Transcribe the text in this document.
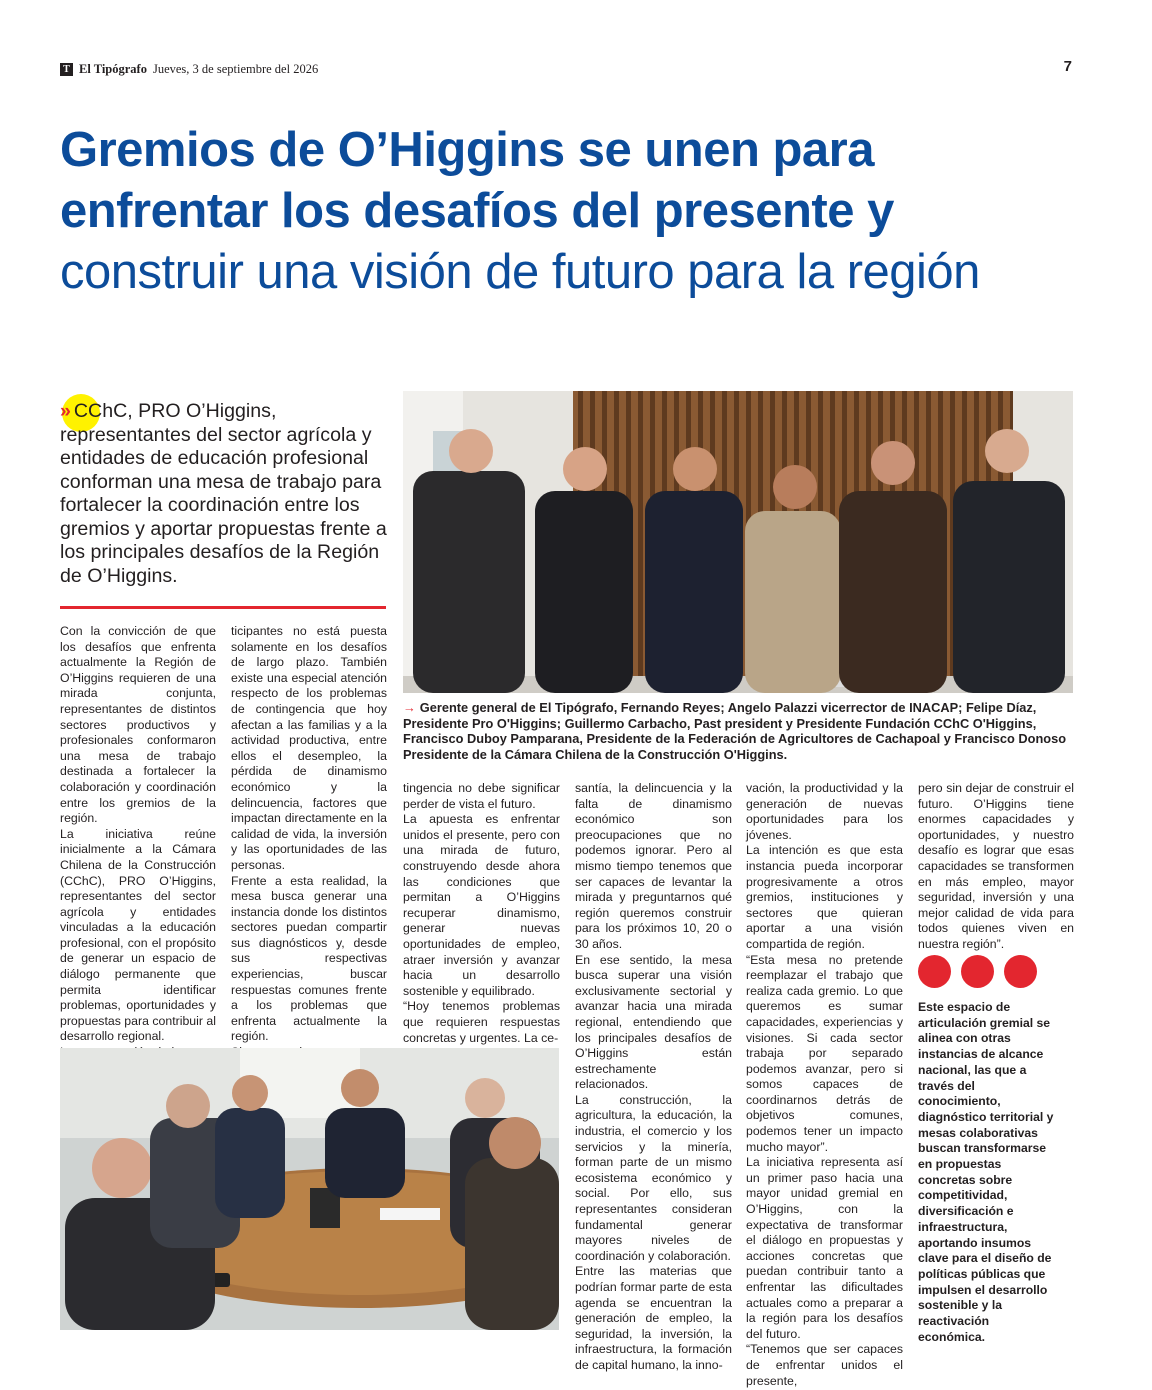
T El Tipógrafo Jueves, 3 de septiembre del 2026	7
Gremios de O’Higgins se unen para
enfrentar los desafíos del presente y
construir una visión de futuro para la región
» CChC, PRO O’Higgins, representantes del sector agrícola y entidades de educación profesional conforman una mesa de trabajo para fortalecer la coordinación entre los gremios y aportar propuestas frente a los principales desafíos de la Región de O’Higgins.

Con la convicción de que los desafíos que enfrenta actualmente la Región de O’Higgins requieren de una mirada conjunta, representantes de distintos sectores productivos y profesionales conformaron una mesa de trabajo destinada a fortalecer la colaboración y coordinación entre los gremios de la región.

La iniciativa reúne inicialmente a la Cámara Chilena de la Construcción (CChC), PRO O’Higgins, representantes del sector agrícola y entidades vinculadas a la educación profesional, con el propósito de generar un espacio de diálogo permanente que permita identificar problemas, oportunidades y propuestas para contribuir al desarrollo regional.

ticipantes no está puesta solamente en los desafíos de largo plazo. También existe una especial atención respecto de los problemas de contingencia que hoy afectan a las familias y a la actividad productiva, entre ellos el desempleo, la pérdida de dinamismo económico y la delincuencia, factores que impactan directamente en la calidad de vida, la inversión y las oportunidades de las personas.

Frente a esta realidad, la mesa busca generar una instancia donde los distintos sectores puedan compartir sus diagnósticos y, desde sus respectivas experiencias, buscar respuestas comunes frente a los problemas que enfrenta actualmente la región.

tingencia no debe significar perder de vista el futuro.

La apuesta es enfrentar unidos el presente, pero con una mirada de futuro, construyendo desde ahora las condiciones que permitan a O’Higgins recuperar dinamismo, generar nuevas oportunidades de empleo, atraer inversión y avanzar hacia un desarrollo sostenible y equilibrado.

“Hoy tenemos problemas que requieren respuestas concretas y urgentes. La ce-

santía, la delincuencia y la falta de dinamismo económico son preocupaciones que no podemos ignorar. Pero al mismo tiempo tenemos que ser capaces de levantar la mirada y preguntarnos qué región queremos construir para los próximos 10, 20 o 30 años.

En ese sentido, la mesa busca superar una visión exclusivamente sectorial y avanzar hacia una mirada regional, entendiendo que los principales desafíos de O’Higgins están estrechamente relacionados.

La construcción, la agricultura, la educación, la industria, el comercio y los servicios y la minería, forman parte de un mismo ecosistema económico y social. Por ello, sus representantes consideran fundamental generar mayores niveles de coordinación y colaboración.

Entre las materias que podrían formar parte de esta agenda se encuentran la generación de empleo, la seguridad, la inversión, la infraestructura, la formación de capital humano, la inno-

vación, la productividad y la generación de nuevas oportunidades para los jóvenes.

La intención es que esta instancia pueda incorporar progresivamente a otros gremios, instituciones y sectores que quieran aportar a una visión compartida de región.

“Esta mesa no pretende reemplazar el trabajo que realiza cada gremio. Lo que queremos es sumar capacidades, experiencias y visiones. Si cada sector trabaja por separado podemos avanzar, pero si somos capaces de coordinarnos detrás de objetivos comunes, podemos tener un impacto mucho mayor”.

La iniciativa representa así un primer paso hacia una mayor unidad gremial en O’Higgins, con la expectativa de transformar el diálogo en propuestas y acciones concretas que puedan contribuir tanto a enfrentar las dificultades actuales como a preparar a la región para los desafíos del futuro.

“Tenemos que ser capaces de enfrentar unidos el presente,

pero sin dejar de construir el futuro. O’Higgins tiene enormes capacidades y oportunidades, y nuestro desafío es lograr que esas capacidades se transformen en más empleo, mayor seguridad, inversión y una mejor calidad de vida para todos quienes viven en nuestra región”.

→ Gerente general de El Tipógrafo, Fernando Reyes; Angelo Palazzi vicerrector de INACAP; Felipe Díaz, Presidente Pro O'Higgins; Guillermo Carbacho, Past president y Presidente Fundación CChC O'Higgins, Francisco Duboy Pamparana, Presidente de la Federación de Agricultores de Cachapoal y Francisco Donoso Presidente de la Cámara Chilena de la Construcción O'Higgins.
Este espacio de articulación gremial se alinea con otras instancias de alcance nacional, las que a través del conocimiento, diagnóstico territorial y mesas colaborativas buscan transformarse en propuestas concretas sobre competitividad, diversificación e infraestructura, aportando insumos clave para el diseño de políticas públicas que impulsen el desarrollo sostenible y la reactivación económica.
